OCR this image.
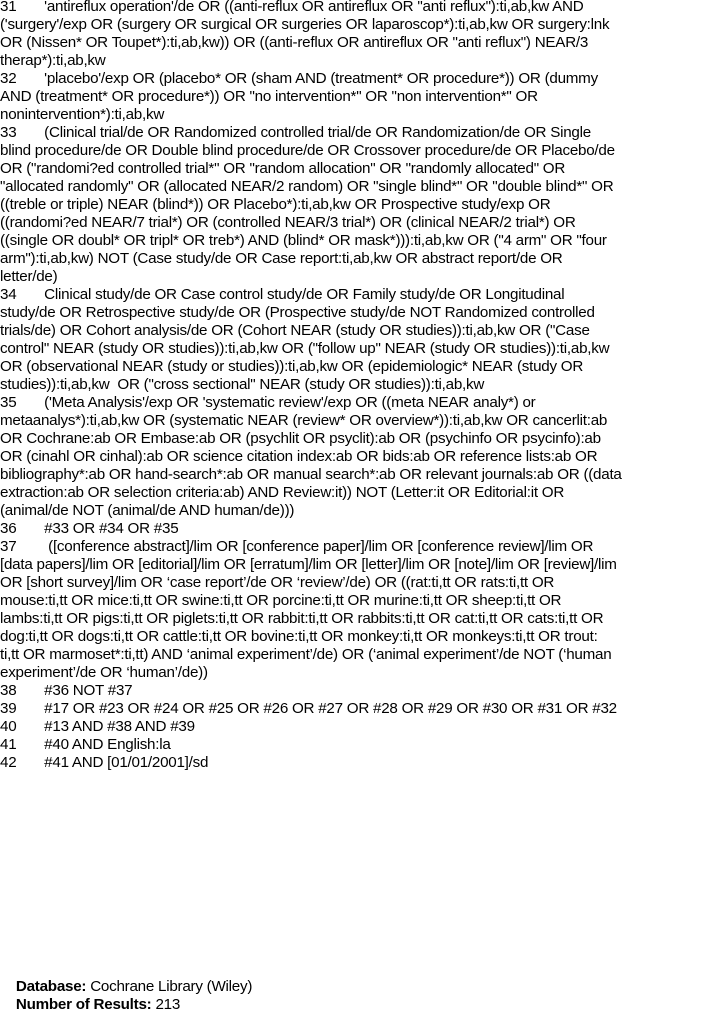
31       'antireflux operation'/de OR ((anti-reflux OR antireflux OR "anti reflux"):ti,ab,kw AND
('surgery'/exp OR (surgery OR surgical OR surgeries OR laparoscop*):ti,ab,kw OR surgery:lnk
OR (Nissen* OR Toupet*):ti,ab,kw)) OR ((anti-reflux OR antireflux OR "anti reflux") NEAR/3
therap*):ti,ab,kw
32       'placebo'/exp OR (placebo* OR (sham AND (treatment* OR procedure*)) OR (dummy
AND (treatment* OR procedure*)) OR "no intervention*" OR "non intervention*" OR
nonintervention*):ti,ab,kw
33       (Clinical trial/de OR Randomized controlled trial/de OR Randomization/de OR Single
blind procedure/de OR Double blind procedure/de OR Crossover procedure/de OR Placebo/de
OR ("randomi?ed controlled trial*" OR "random allocation" OR "randomly allocated" OR
"allocated randomly" OR (allocated NEAR/2 random) OR "single blind*" OR "double blind*" OR
((treble or triple) NEAR (blind*)) OR Placebo*):ti,ab,kw OR Prospective study/exp OR
((randomi?ed NEAR/7 trial*) OR (controlled NEAR/3 trial*) OR (clinical NEAR/2 trial*) OR
((single OR doubl* OR tripl* OR treb*) AND (blind* OR mask*))):ti,ab,kw OR ("4 arm" OR "four
arm"):ti,ab,kw) NOT (Case study/de OR Case report:ti,ab,kw OR abstract report/de OR
letter/de)
34       Clinical study/de OR Case control study/de OR Family study/de OR Longitudinal
study/de OR Retrospective study/de OR (Prospective study/de NOT Randomized controlled
trials/de) OR Cohort analysis/de OR (Cohort NEAR (study OR studies)):ti,ab,kw OR ("Case
control" NEAR (study OR studies)):ti,ab,kw OR ("follow up" NEAR (study OR studies)):ti,ab,kw
OR (observational NEAR (study or studies)):ti,ab,kw OR (epidemiologic* NEAR (study OR
studies)):ti,ab,kw  OR ("cross sectional" NEAR (study OR studies)):ti,ab,kw
35       ('Meta Analysis'/exp OR 'systematic review'/exp OR ((meta NEAR analy*) or
metaanalys*):ti,ab,kw OR (systematic NEAR (review* OR overview*)):ti,ab,kw OR cancerlit:ab
OR Cochrane:ab OR Embase:ab OR (psychlit OR psyclit):ab OR (psychinfo OR psycinfo):ab
OR (cinahl OR cinhal):ab OR science citation index:ab OR bids:ab OR reference lists:ab OR
bibliography*:ab OR hand-search*:ab OR manual search*:ab OR relevant journals:ab OR ((data
extraction:ab OR selection criteria:ab) AND Review:it)) NOT (Letter:it OR Editorial:it OR
(animal/de NOT (animal/de AND human/de)))
36       #33 OR #34 OR #35
37        ([conference abstract]/lim OR [conference paper]/lim OR [conference review]/lim OR
[data papers]/lim OR [editorial]/lim OR [erratum]/lim OR [letter]/lim OR [note]/lim OR [review]/lim
OR [short survey]/lim OR ‘case report’/de OR ‘review’/de) OR ((rat:ti,tt OR rats:ti,tt OR
mouse:ti,tt OR mice:ti,tt OR swine:ti,tt OR porcine:ti,tt OR murine:ti,tt OR sheep:ti,tt OR
lambs:ti,tt OR pigs:ti,tt OR piglets:ti,tt OR rabbit:ti,tt OR rabbits:ti,tt OR cat:ti,tt OR cats:ti,tt OR
dog:ti,tt OR dogs:ti,tt OR cattle:ti,tt OR bovine:ti,tt OR monkey:ti,tt OR monkeys:ti,tt OR trout:
ti,tt OR marmoset*:ti,tt) AND ‘animal experiment’/de) OR (‘animal experiment’/de NOT (‘human
experiment’/de OR ‘human’/de))
38       #36 NOT #37
39       #17 OR #23 OR #24 OR #25 OR #26 OR #27 OR #28 OR #29 OR #30 OR #31 OR #32
40       #13 AND #38 AND #39
41       #40 AND English:la
42       #41 AND [01/01/2001]/sd

Database: Cochrane Library (Wiley)

Number of Results: 213
